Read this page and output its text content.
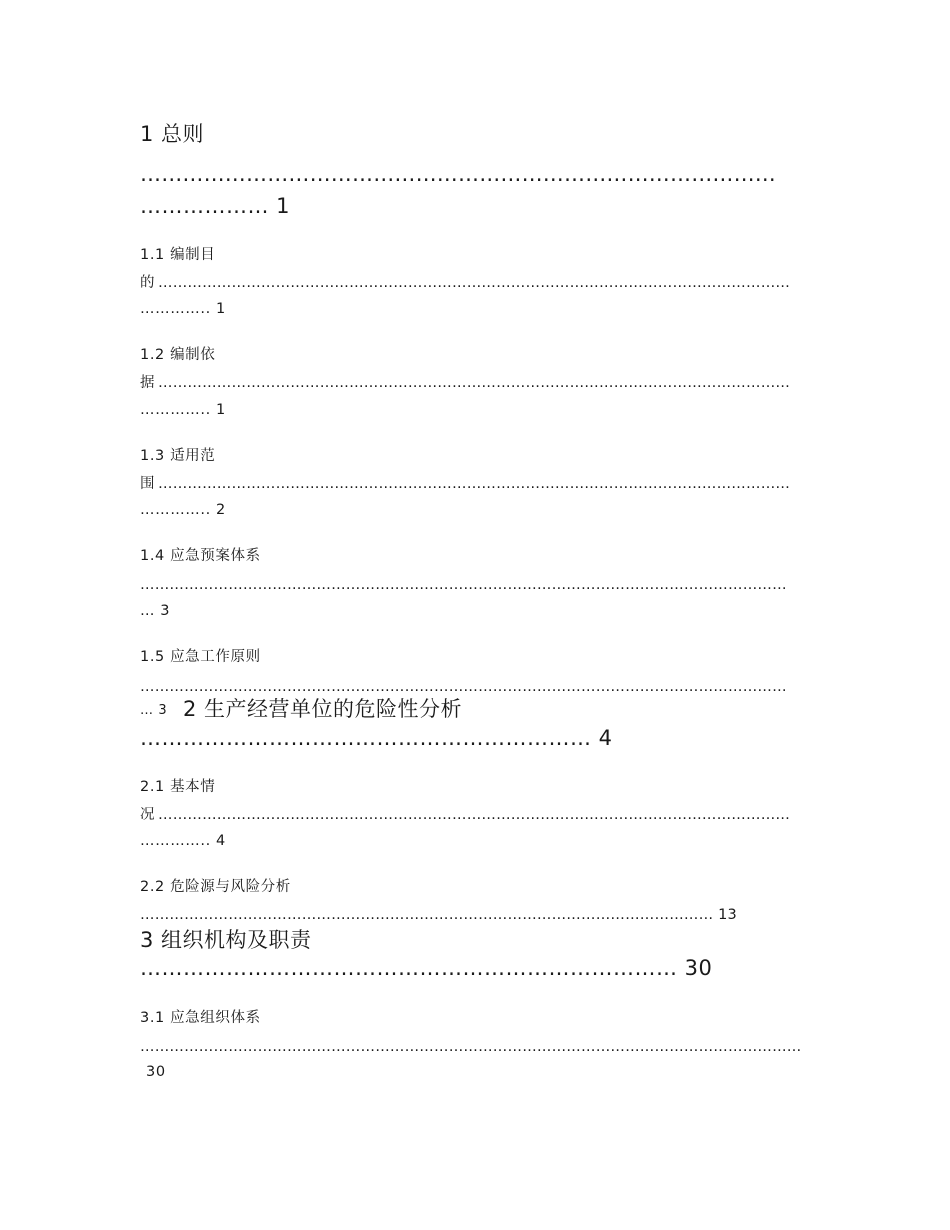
1 总则
………………………………………………………………………………
……………… 1
1.1 编制目
的 …………………………………………………………………………………………………………………
………….. 1
1.2 编制依
据 …………………………………………………………………………………………………………………
………….. 1
1.3 适用范
围 …………………………………………………………………………………………………………………
………….. 2
1.4 应急预案体系
……………………………………………………………………………………………………………………
… 3
1.5 应急工作原则
……………………………………………………………………………………………………………………
… 3 2 生产经营单位的危险性分析
……………………………………………………… 4
2.1 基本情
况 …………………………………………………………………………………………………………………
………….. 4
2.2 危险源与风险分析
……………………………………………………………………………………………………… 13
3 组织机构及职责
………………………………………………………………… 30
3.1 应急组织体系
………………………………………………………………………………………………………………………
30
